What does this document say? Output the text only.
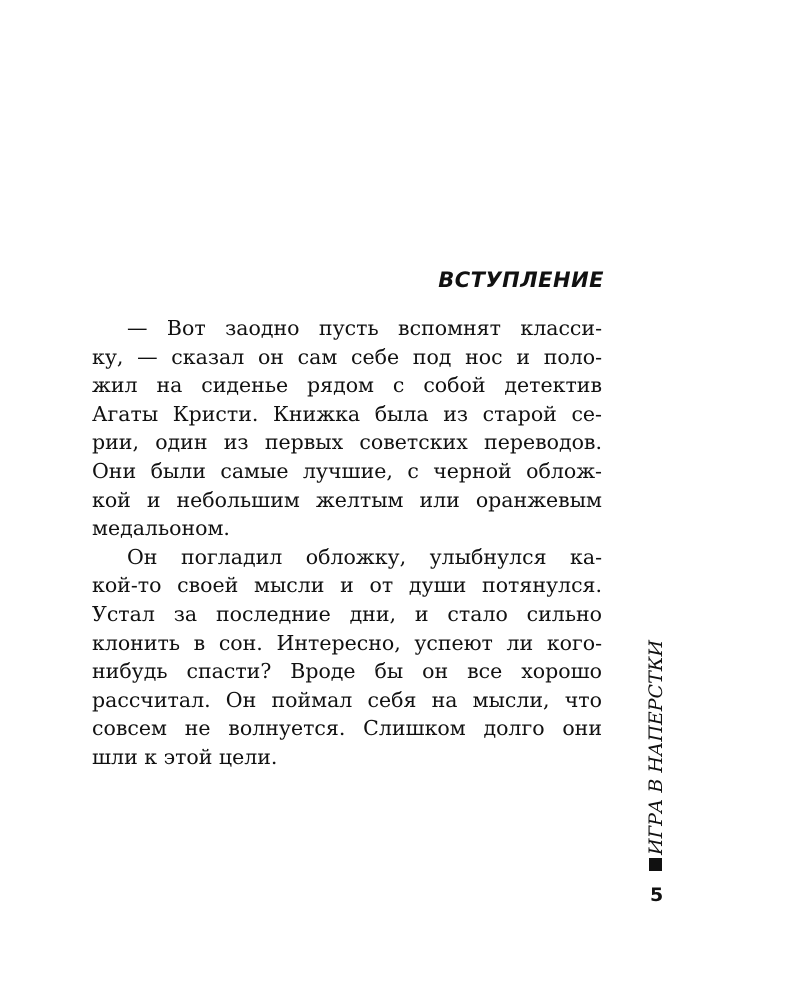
ВСТУПЛЕНИЕ
— Вот заодно пусть вспомнят класси-
ку, — сказал он сам себе под нос и поло-
жил на сиденье рядом с собой детектив
Агаты Кристи. Книжка была из старой се-
рии, один из первых советских переводов.
Они были самые лучшие, с черной облож-
кой и небольшим желтым или оранжевым
медальоном.
Он погладил обложку, улыбнулся ка-
кой-то своей мысли и от души потянулся.
Устал за последние дни, и стало сильно
клонить в сон. Интересно, успеют ли кого-
нибудь спасти? Вроде бы он все хорошо
рассчитал. Он поймал себя на мысли, что
совсем не волнуется. Слишком долго они
шли к этой цели.	ИГРА В НАПЕРСТКИ
5
